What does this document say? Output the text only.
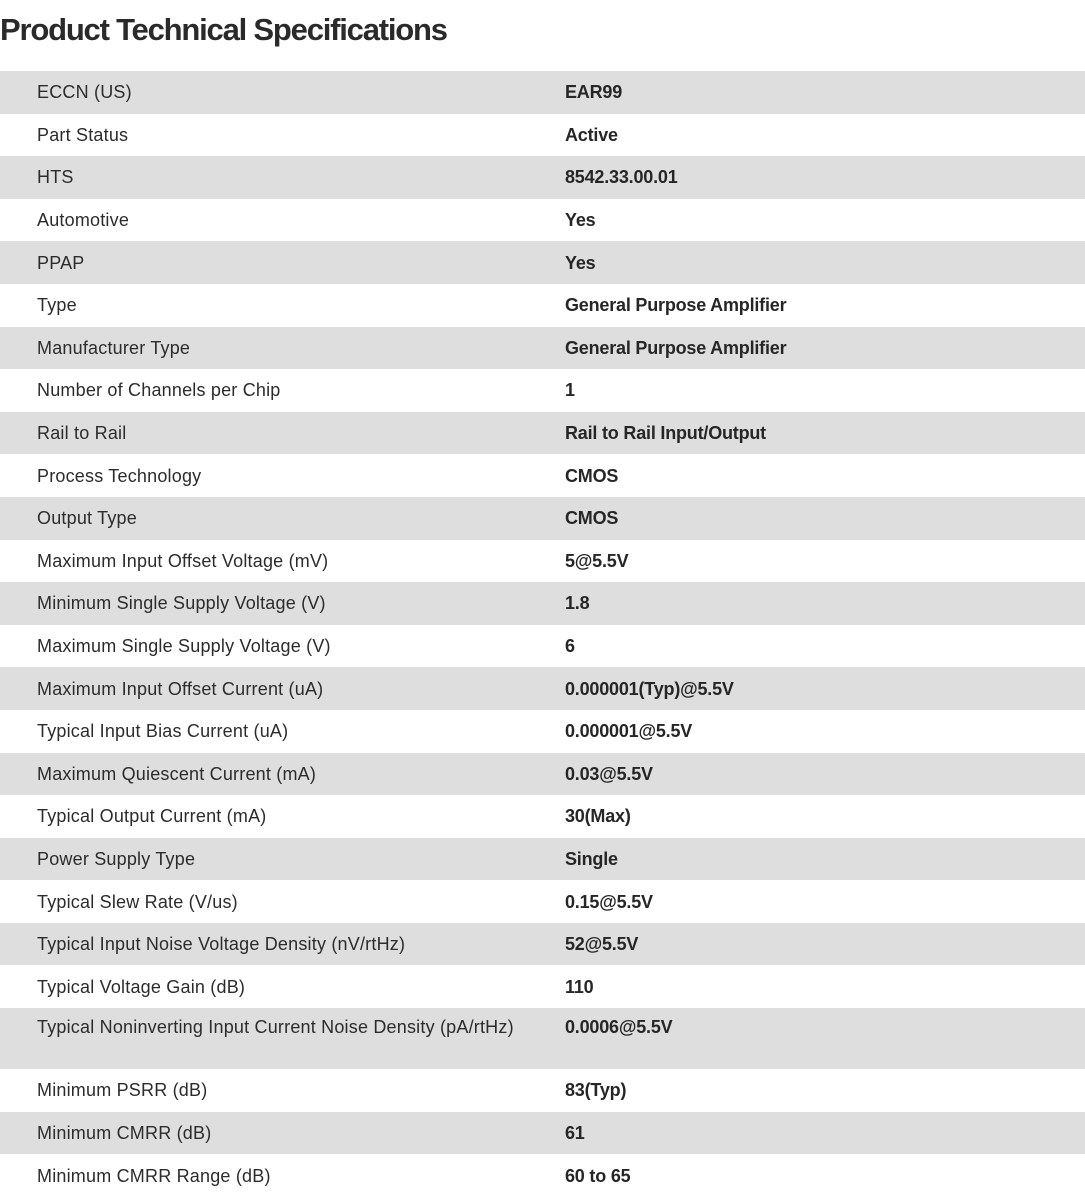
Product Technical Specifications
ECCN (US)	EAR99
Part Status	Active
HTS	8542.33.00.01
Automotive	Yes
PPAP	Yes
Type	General Purpose Amplifier
Manufacturer Type	General Purpose Amplifier
Number of Channels per Chip	1
Rail to Rail	Rail to Rail Input/Output
Process Technology	CMOS
Output Type	CMOS
Maximum Input Offset Voltage (mV)	5@5.5V
Minimum Single Supply Voltage (V)	1.8
Maximum Single Supply Voltage (V)	6
Maximum Input Offset Current (uA)	0.000001(Typ)@5.5V
Typical Input Bias Current (uA)	0.000001@5.5V
Maximum Quiescent Current (mA)	0.03@5.5V
Typical Output Current (mA)	30(Max)
Power Supply Type	Single
Typical Slew Rate (V/us)	0.15@5.5V
Typical Input Noise Voltage Density (nV/rtHz)	52@5.5V
Typical Voltage Gain (dB)	110
Typical Noninverting Input Current Noise Density (pA/rtHz)	0.0006@5.5V
Minimum PSRR (dB)	83(Typ)
Minimum CMRR (dB)	61
Minimum CMRR Range (dB)	60 to 65
